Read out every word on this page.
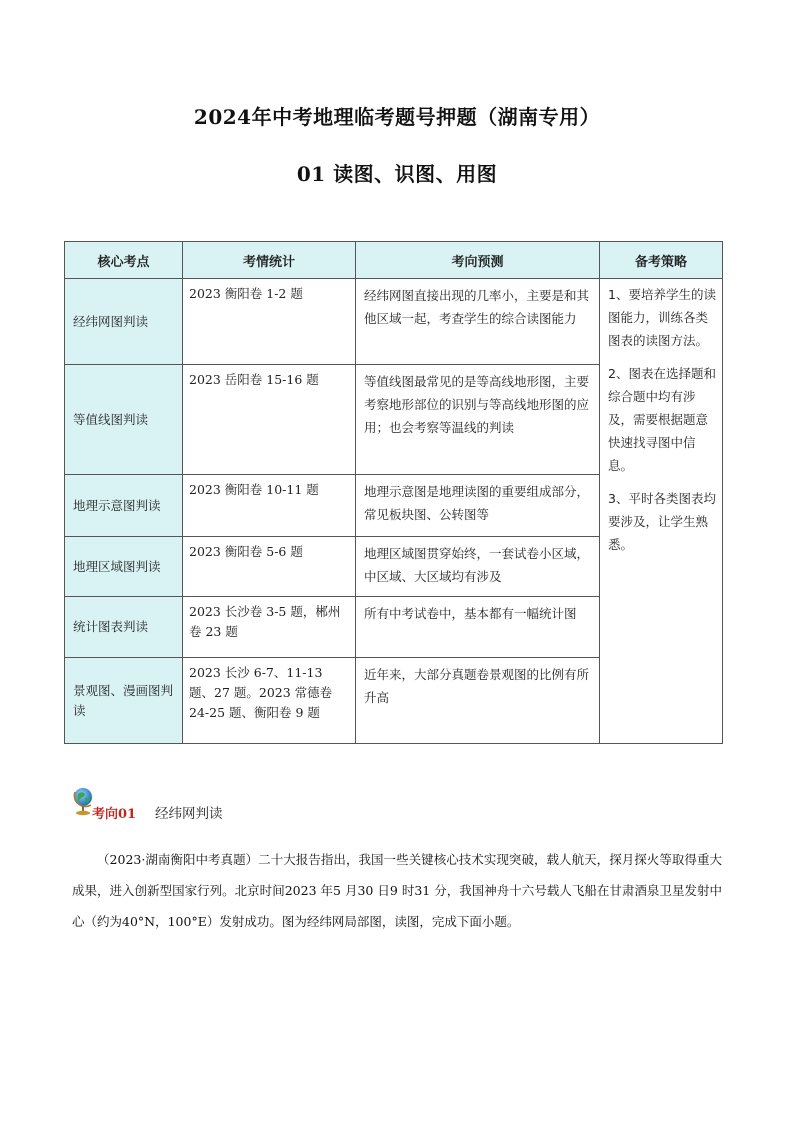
2024年中考地理临考题号押题（湖南专用）
01 读图、识图、用图
核心考点	考情统计	考向预测	备考策略
经纬网图判读	2023 衡阳卷 1-2 题	经纬网图直接出现的几率小，主要是和其他区域一起，考查学生的综合读图能力	1、要培养学生的读图能力，训练各类图表的读图方法。
2、图表在选择题和综合题中均有涉及，需要根据题意快速找寻图中信息。
3、平时各类图表均要涉及，让学生熟悉。

等值线图判读	2023 岳阳卷 15-16 题	等值线图最常见的是等高线地形图，主要考察地形部位的识别与等高线地形图的应用；也会考察等温线的判读	
地理示意图判读	2023 衡阳卷 10-11 题	地理示意图是地理读图的重要组成部分，常见板块图、公转图等	
地理区域图判读	2023 衡阳卷 5-6 题	地理区域图贯穿始终，一套试卷小区域，中区域、大区域均有涉及	
统计图表判读	2023 长沙卷 3-5 题，郴州卷 23 题	所有中考试卷中，基本都有一幅统计图	
景观图、漫画图判读	2023 长沙 6-7、11-13 题、27 题。2023 常德卷 24-25 题、衡阳卷 9 题	近年来，大部分真题卷景观图的比例有所升高	
考向01 经纬网判读
（2023·湖南衡阳中考真题）二十大报告指出，我国一些关键核心技术实现突破，载人航天，探月探火等取得重大成果，进入创新型国家行列。北京时间2023 年5 月30 日9 时31 分，我国神舟十六号载人飞船在甘肃酒泉卫星发射中心（约为40°N，100°E）发射成功。图为经纬网局部图，读图，完成下面小题。
